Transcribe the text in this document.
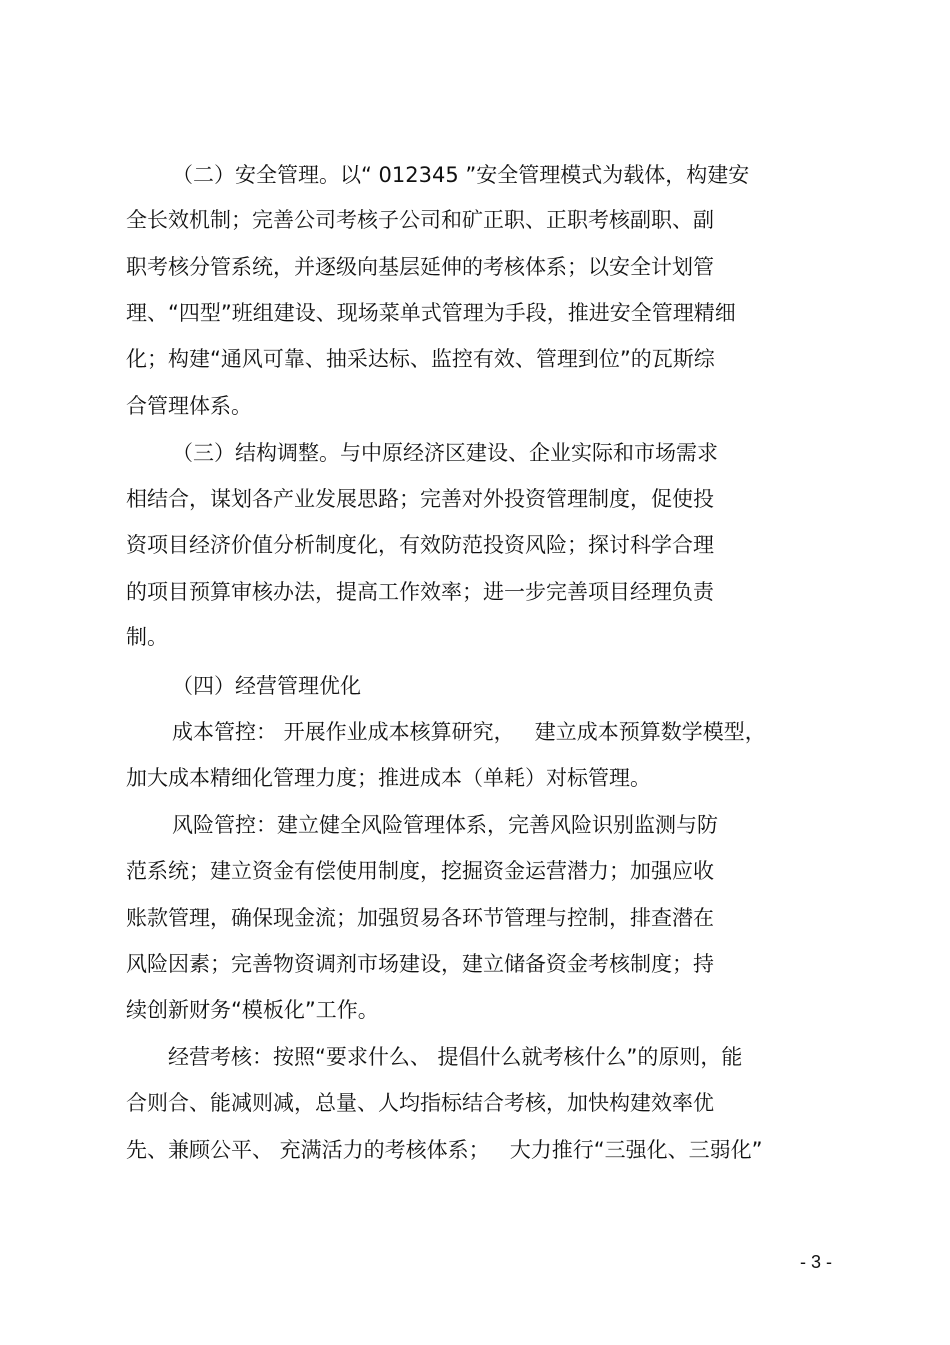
（二）安全管理。以“ 012345 ”安全管理模式为载体，构建安

全长效机制；完善公司考核子公司和矿正职、正职考核副职、副

职考核分管系统，并逐级向基层延伸的考核体系；以安全计划管

理、“四型”班组建设、现场菜单式管理为手段，推进安全管理精细

化；构建“通风可靠、抽采达标、监控有效、管理到位”的瓦斯综

合管理体系。

（三）结构调整。与中原经济区建设、企业实际和市场需求

相结合，谋划各产业发展思路；完善对外投资管理制度，促使投

资项目经济价值分析制度化，有效防范投资风险；探讨科学合理

的项目预算审核办法，提高工作效率；进一步完善项目经理负责

制。

（四）经营管理优化

成本管控： 开展作业成本核算研究，   建立成本预算数学模型，

加大成本精细化管理力度；推进成本（单耗）对标管理。

风险管控：建立健全风险管理体系，完善风险识别监测与防

范系统；建立资金有偿使用制度，挖掘资金运营潜力；加强应收

账款管理，确保现金流；加强贸易各环节管理与控制，排查潜在

风险因素；完善物资调剂市场建设，建立储备资金考核制度；持

续创新财务“模板化”工作。

经营考核：按照“要求什么、 提倡什么就考核什么”的原则，能

合则合、能减则减，总量、人均指标结合考核，加快构建效率优

先、兼顾公平、 充满活力的考核体系；   大力推行“三强化、三弱化”

- 3 -
